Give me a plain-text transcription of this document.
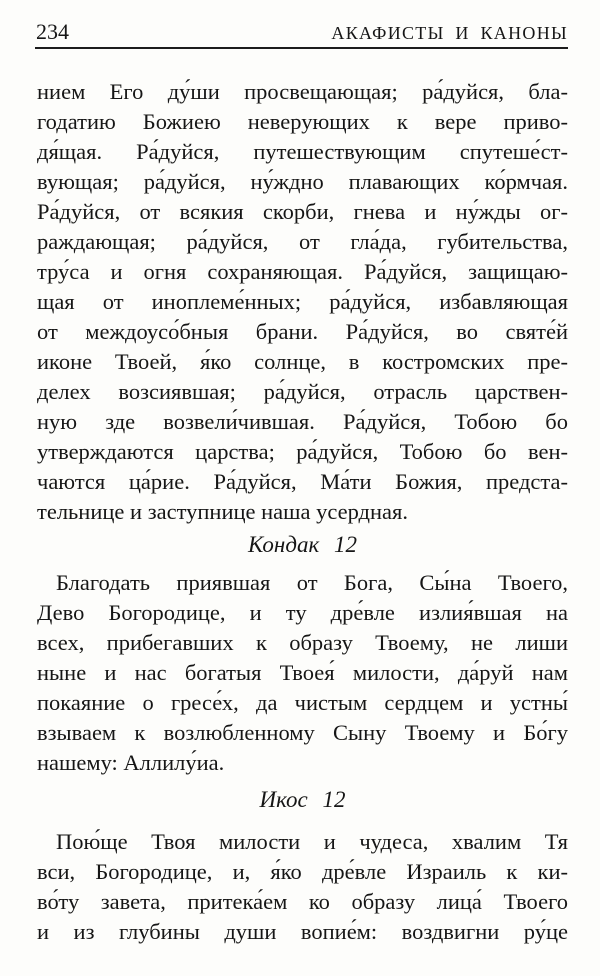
234	АКАФИСТЫ И КАНОНЫ
нием Его ду́ши просвещающая; ра́дуйся, бла-
годатию Божиею неверующих к вере приво-
дя́щая. Ра́дуйся, путешествующим спутеше́ст-
вующая; ра́дуйся, ну́ждно плавающих ко́рмчая.
Ра́дуйся, от всякия скорби, гнева и ну́жды ог-
раждающая; ра́дуйся, от гла́да, губительства,
тру́са и огня сохраняющая. Ра́дуйся, защищаю-
щая от иноплеме́нных; ра́дуйся, избавляющая
от междоусо́бныя брани. Ра́дуйся, во святе́й
иконе Твоей, я́ко солнце, в костромских пре-
делех возсиявшая; ра́дуйся, отрасль царствен-
ную зде возвели́чившая. Ра́дуйся, Тобою бо
утверждаются царства; ра́дуйся, Тобою бо вен-
чаются ца́рие. Ра́дуйся, Ма́ти Божия, предста-
тельнице и заступнице наша усердная.
Кондак 12
Благодать приявшая от Бога, Сы́на Твоего,
Дево Богородице, и ту дре́вле излия́вшая на
всех, прибегавших к образу Твоему, не лиши
ныне и нас богатыя Твоея́ милости, да́руй нам
покаяние о гресе́х, да чистым сердцем и устны́
взываем к возлюбленному Сыну Твоему и Бо́гу
нашему: Аллилу́иа.
Икос 12
Пою́ще Твоя милости и чудеса, хвалим Тя
вси, Богородице, и, я́ко дре́вле Израиль к ки-
во́ту завета, притека́ем ко образу лица́ Твоего
и из глубины души вопие́м: воздвигни ру́це
